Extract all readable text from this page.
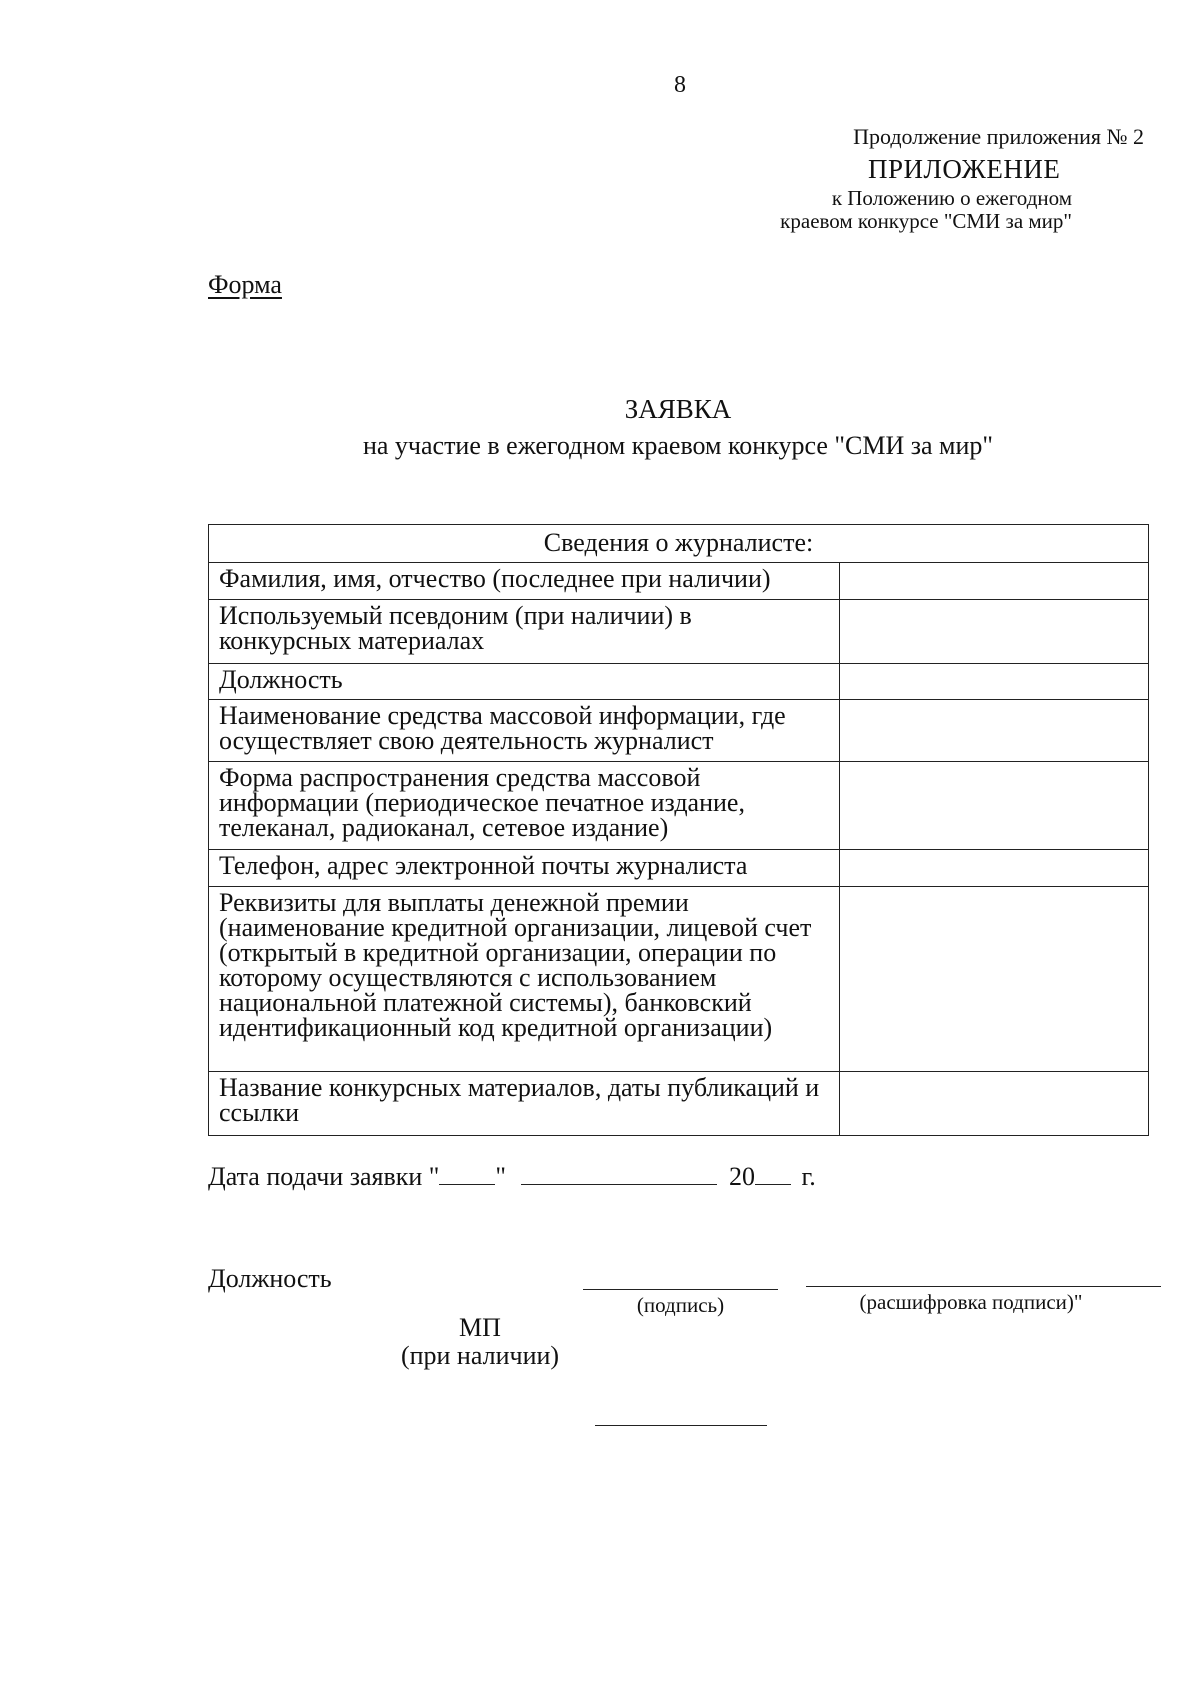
8
Продолжение приложения № 2
ПРИЛОЖЕНИЕ
к Положению о ежегодном
краевом конкурсе "СМИ за мир"
Форма
ЗАЯВКА
на участие в ежегодном краевом конкурсе "СМИ за мир"
Сведения о журналисте:	
Фамилия, имя, отчество (последнее при наличии)	
Используемый псевдоним (при наличии) в конкурсных материалах	
Должность	
Наименование средства массовой информации, где осуществляет свою деятельность журналист	
Форма распространения средства массовой информации (периодическое печатное издание, телеканал, радиоканал, сетевое издание)	
Телефон, адрес электронной почты журналиста	
Реквизиты для выплаты денежной премии (наименование кредитной организации, лицевой счет (открытый в кредитной организации, операции по которому осуществляются с использованием национальной платежной системы), банковский идентификационный код кредитной организации)	
Название конкурсных материалов, даты публикаций и ссылки	
Дата подачи заявки " "	20 г.
Должность
(подпись)	(расшифровка подписи)"
МП
(при наличии)
